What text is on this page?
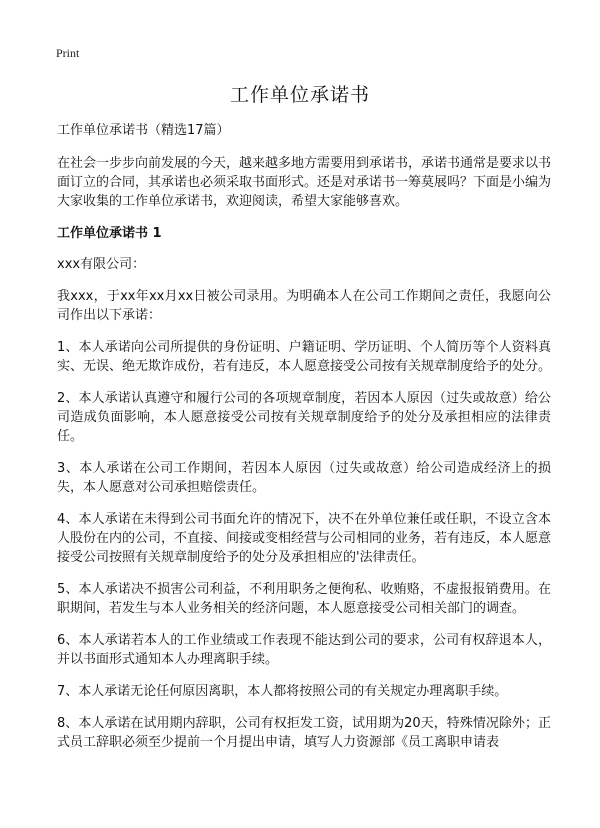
Print
工作单位承诺书

工作单位承诺书（精选17篇）

在社会一步步向前发展的今天，越来越多地方需要用到承诺书，承诺书通常是要求以书面订立的合同，其承诺也必须采取书面形式。还是对承诺书一筹莫展吗？下面是小编为大家收集的工作单位承诺书，欢迎阅读，希望大家能够喜欢。

工作单位承诺书 1

xxx有限公司：

我xxx，于xx年xx月xx日被公司录用。为明确本人在公司工作期间之责任，我愿向公司作出以下承诺：

1、本人承诺向公司所提供的身份证明、户籍证明、学历证明、个人简历等个人资料真实、无误、绝无欺诈成份，若有违反，本人愿意接受公司按有关规章制度给予的处分。

2、本人承诺认真遵守和履行公司的各项规章制度，若因本人原因（过失或故意）给公司造成负面影响，本人愿意接受公司按有关规章制度给予的处分及承担相应的法律责任。

3、本人承诺在公司工作期间，若因本人原因（过失或故意）给公司造成经济上的损失，本人愿意对公司承担赔偿责任。

4、本人承诺在未得到公司书面允许的情况下，决不在外单位兼任或任职，不设立含本人股份在内的公司，不直接、间接或变相经营与公司相同的业务，若有违反，本人愿意接受公司按照有关规章制度给予的处分及承担相应的'法律责任。

5、本人承诺决不损害公司利益，不利用职务之便徇私、收贿赂，不虚报报销费用。在职期间，若发生与本人业务相关的经济问题，本人愿意接受公司相关部门的调查。

6、本人承诺若本人的工作业绩或工作表现不能达到公司的要求，公司有权辞退本人，并以书面形式通知本人办理离职手续。

7、本人承诺无论任何原因离职，本人都将按照公司的有关规定办理离职手续。

8、本人承诺在试用期内辞职，公司有权拒发工资，试用期为20天，特殊情况除外；正式员工辞职必须至少提前一个月提出申请，填写人力资源部《员工离职申请表
